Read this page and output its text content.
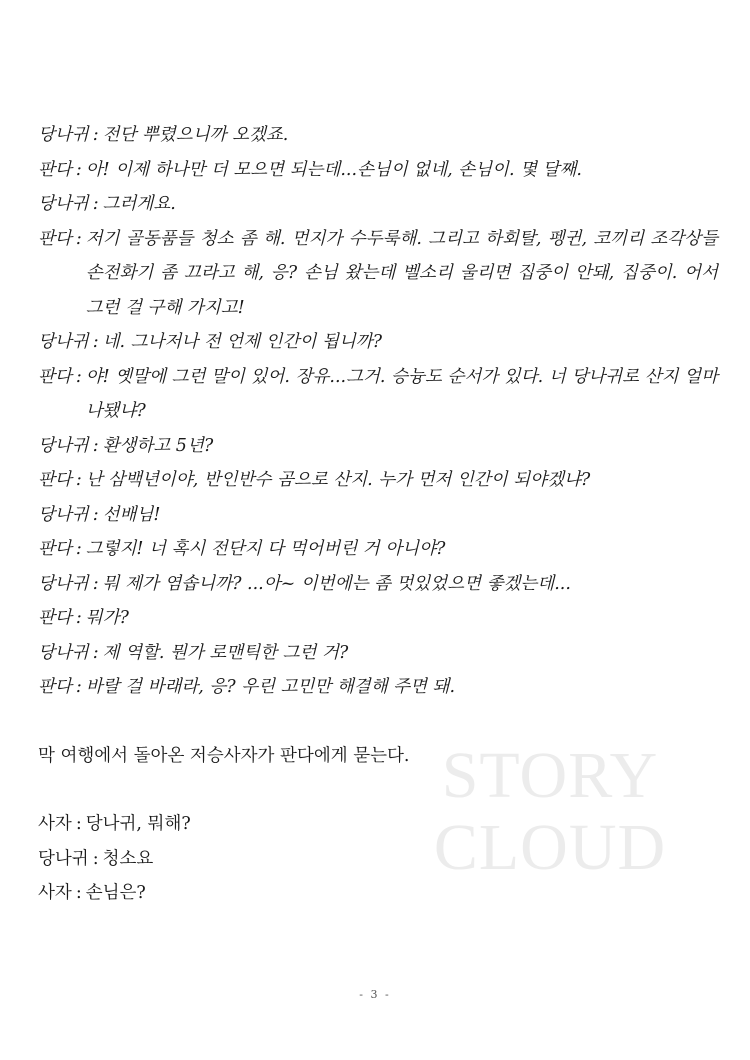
STORY
CLOUD
당나귀 : 전단 뿌렸으니까 오겠죠.
판다 : 아! 이제 하나만 더 모으면 되는데...손님이 없네, 손님이. 몇 달째.
당나귀 : 그러게요.
판다 : 저기 골동품들 청소 좀 해. 먼지가 수두룩해. 그리고 하회탈, 펭귄, 코끼리 조각상들 손전화기 좀 끄라고 해, 응? 손님 왔는데 벨소리 울리면 집중이 안돼, 집중이. 어서 그런 걸 구해 가지고!
당나귀 : 네. 그나저나 전 언제 인간이 됩니까?
판다 : 야! 옛말에 그런 말이 있어. 장유...그거. 승늉도 순서가 있다. 너 당나귀로 산지 얼마나됐냐?
당나귀 : 환생하고 5년?
판다 : 난 삼백년이야, 반인반수 곰으로 산지. 누가 먼저 인간이 되야겠냐?
당나귀 : 선배님!
판다 : 그렇지! 너 혹시 전단지 다 먹어버린 거 아니야?
당나귀 : 뭐 제가 염솝니까? ...아~ 이번에는 좀 멋있었으면 좋겠는데...
판다 : 뭐가?
당나귀 : 제 역할. 뭔가 로맨틱한 그런 거?
판다 : 바랄 걸 바래라, 응? 우린 고민만 해결해 주면 돼.
막 여행에서 돌아온 저승사자가 판다에게 묻는다.
사자 : 당나귀, 뭐해?
당나귀 : 청소요
사자 : 손님은?
- 3 -
